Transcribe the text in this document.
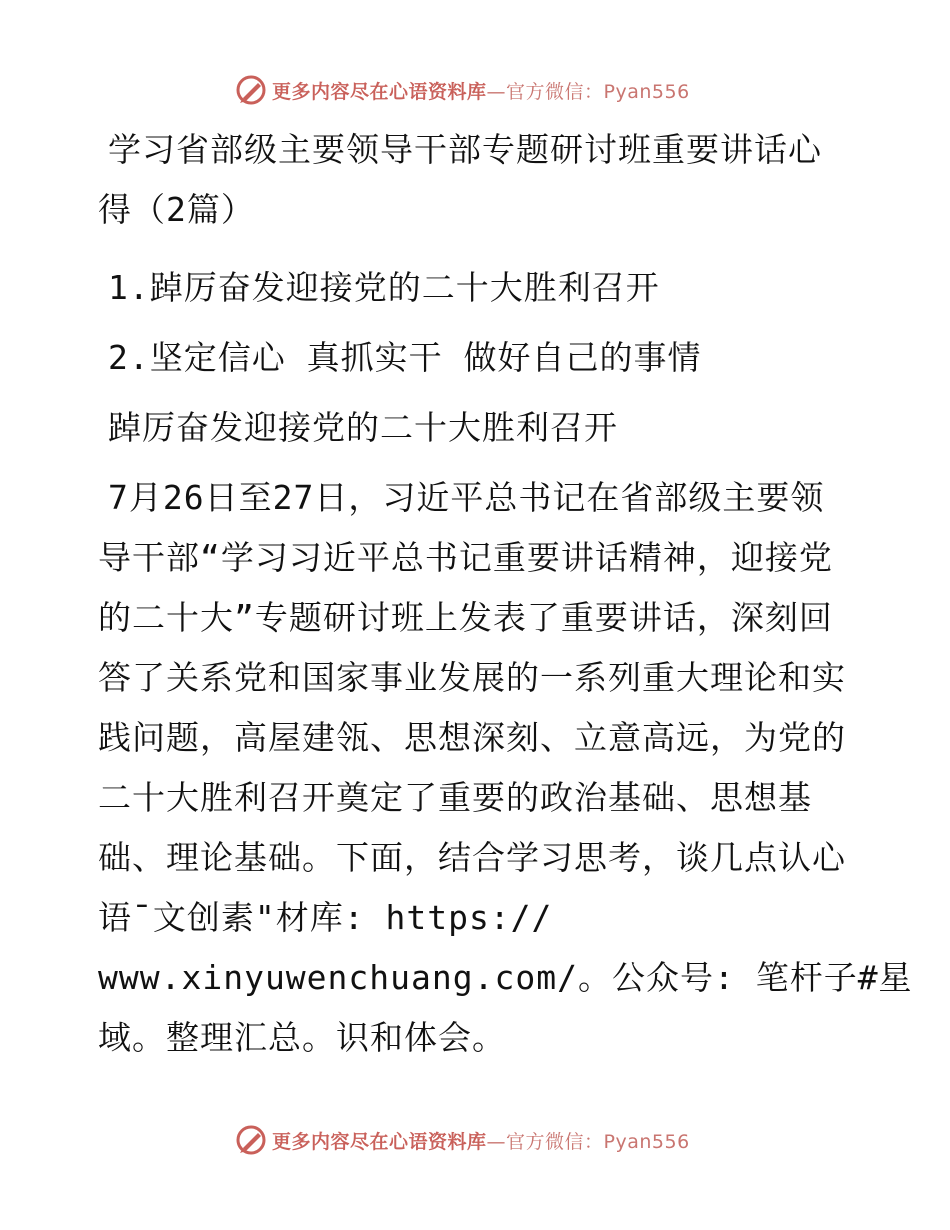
更多内容尽在心语资料库 —官方微信：Pyan556
学习省部级主要领导干部专题研讨班重要讲话心
得（2篇）
1.踔厉奋发迎接党的二十大胜利召开
2.坚定信心 真抓实干 做好自己的事情
踔厉奋发迎接党的二十大胜利召开
7月26日至27日，习近平总书记在省部级主要领
导干部“学习习近平总书记重要讲话精神，迎接党
的二十大”专题研讨班上发表了重要讲话，深刻回
答了关系党和国家事业发展的一系列重大理论和实
践问题，高屋建瓴、思想深刻、立意高远，为党的
二十大胜利召开奠定了重要的政治基础、思想基
础、理论基础。下面，结合学习思考，谈几点认心
语¯文创素"材库: https://
www.xinyuwenchuang.com/。公众号: 笔杆子#星
域。整理汇总。识和体会。
更多内容尽在心语资料库 —官方微信：Pyan556
